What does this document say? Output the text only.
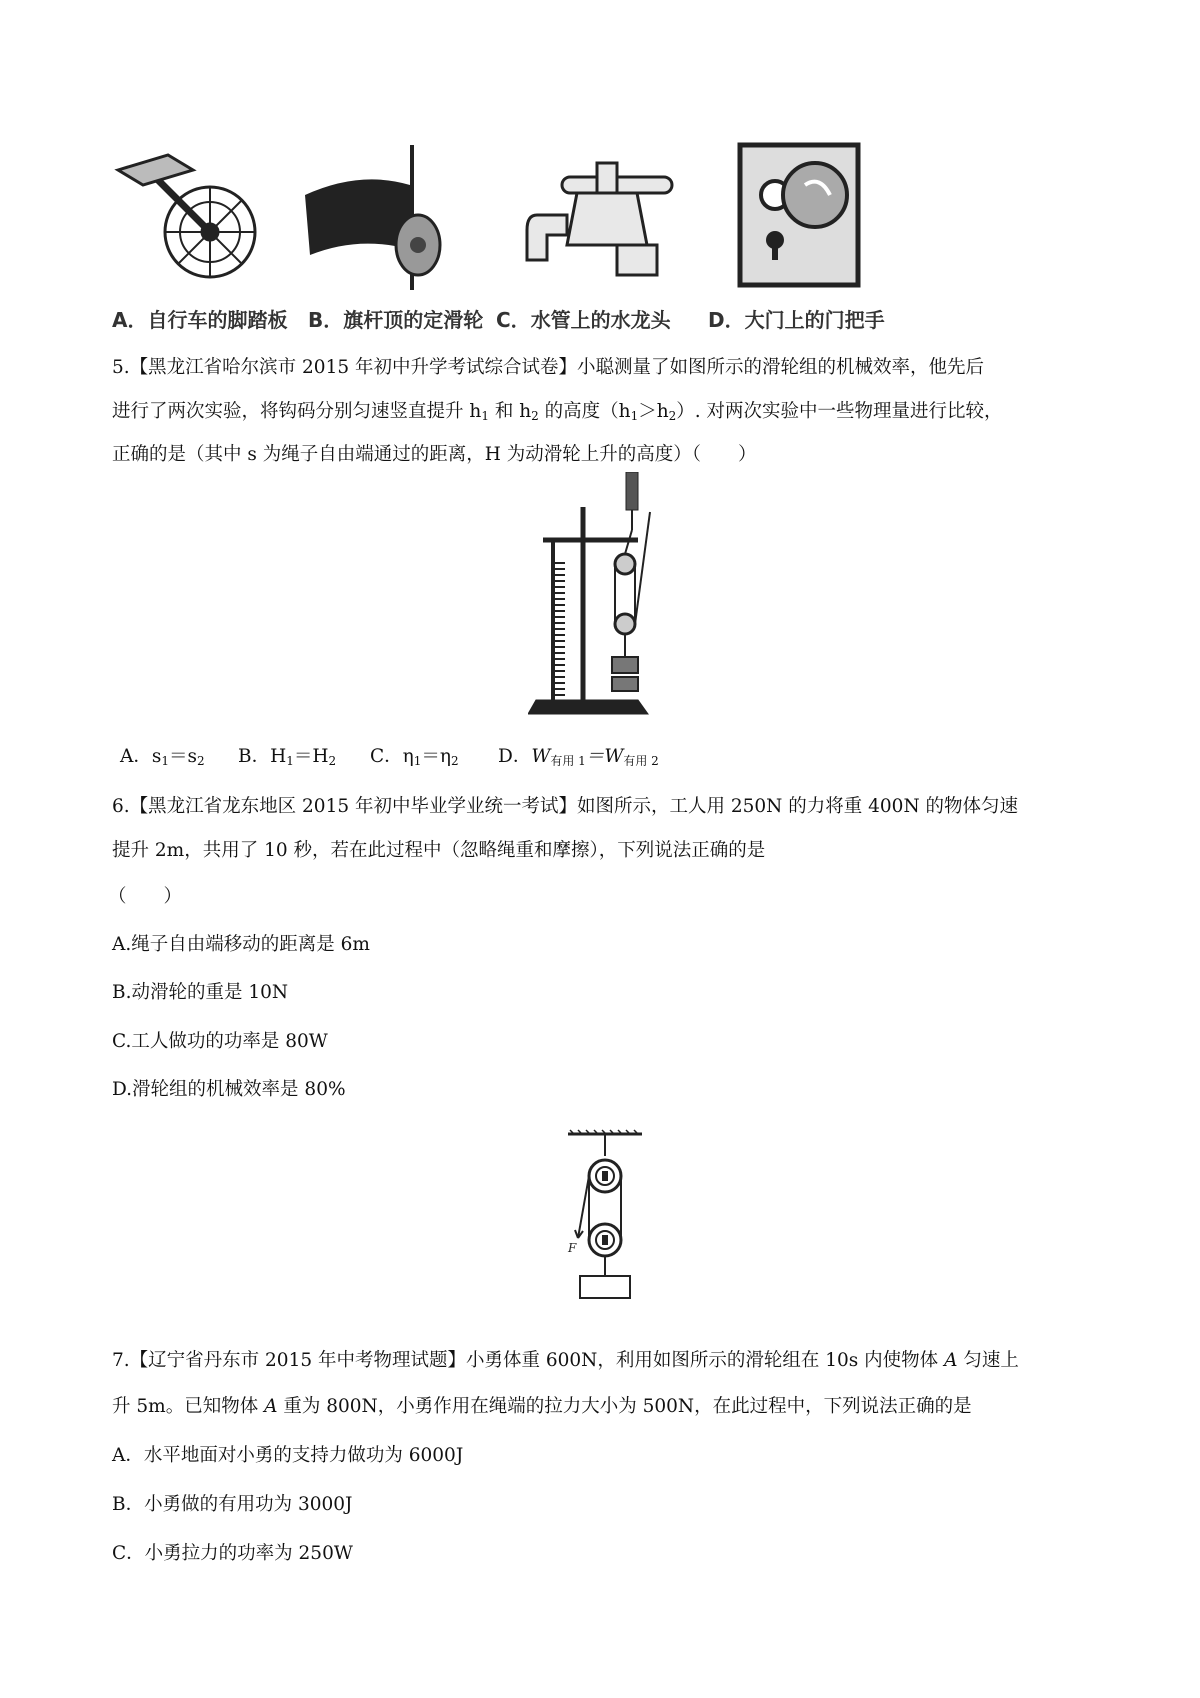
A．自行车的脚踏板 B．旗杆顶的定滑轮 C．水管上的水龙头 D．大门上的门把手
5.【黑龙江省哈尔滨市 2015 年初中升学考试综合试卷】小聪测量了如图所示的滑轮组的机械效率，他先后
进行了两次实验，将钩码分别匀速竖直提升 $h_1$ 和 $h_2$ 的高度$(h_1>h_2)$. 对两次实验中一些物理量进行比较，
正确的是（其中 s 为绳子自由端通过的距离，H 为动滑轮上升的高度）（　　）
A．$s_1=s_2$ B．$H_1=H_2$ C．$\eta_1=\eta_2$ D．$W_{有用 1}=W_{有用 2}$
6.【黑龙江省龙东地区 2015 年初中毕业学业统一考试】如图所示，工人用 250N 的力将重 400N 的物体匀速
提升 2m，共用了 10 秒，若在此过程中（忽略绳重和摩擦），下列说法正确的是
（　　）
A.绳子自由端移动的距离是 6m
B.动滑轮的重是 10N
C.工人做功的功率是 80W
D.滑轮组的机械效率是 80%
F
7.【辽宁省丹东市 2015 年中考物理试题】小勇体重 600N，利用如图所示的滑轮组在 10s 内使物体 A 匀速上
升 5m。已知物体 A 重为 800N，小勇作用在绳端的拉力大小为 500N，在此过程中，下列说法正确的是
A．水平地面对小勇的支持力做功为 6000J
B．小勇做的有用功为 3000J
C．小勇拉力的功率为 250W
